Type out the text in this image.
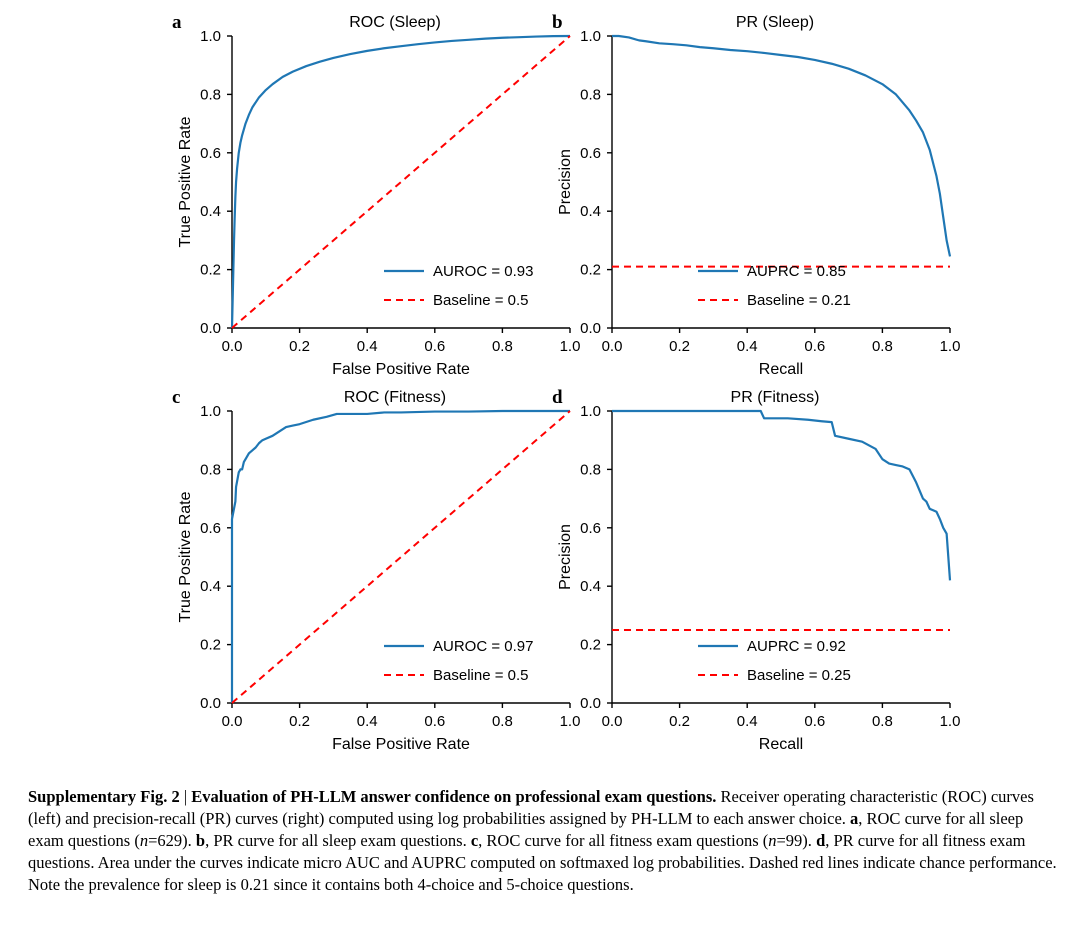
a	ROC (Sleep)
0.0	0.2	0.4	0.6	0.8	1.0
0.0
0.2
0.4
0.6
0.8
1.0
False Positive Rate
True Positive Rate
AUROC = 0.93
Baseline = 0.5
b	PR (Sleep)
0.0	0.2	0.4	0.6	0.8	1.0
0.0
0.2
0.4
0.6
0.8
1.0
Recall
Precision
AUPRC = 0.85
Baseline = 0.21
c	ROC (Fitness)
0.0	0.2	0.4	0.6	0.8	1.0
0.0
0.2
0.4
0.6
0.8
1.0
False Positive Rate
True Positive Rate
AUROC = 0.97
Baseline = 0.5
d	PR (Fitness)
0.0	0.2	0.4	0.6	0.8	1.0
0.0
0.2
0.4
0.6
0.8
1.0
Recall
Precision
AUPRC = 0.92
Baseline = 0.25
Supplementary Fig. 2 | Evaluation of PH-LLM answer confidence on professional exam questions. Receiver operating characteristic (ROC) curves (left) and precision-recall (PR) curves (right) computed using log probabilities assigned by PH-LLM to each answer choice. a, ROC curve for all sleep exam questions (n=629). b, PR curve for all sleep exam questions. c, ROC curve for all fitness exam questions (n=99). d, PR curve for all fitness exam questions. Area under the curves indicate micro AUC and AUPRC computed on softmaxed log probabilities. Dashed red lines indicate chance performance. Note the prevalence for sleep is 0.21 since it contains both 4-choice and 5-choice questions.
